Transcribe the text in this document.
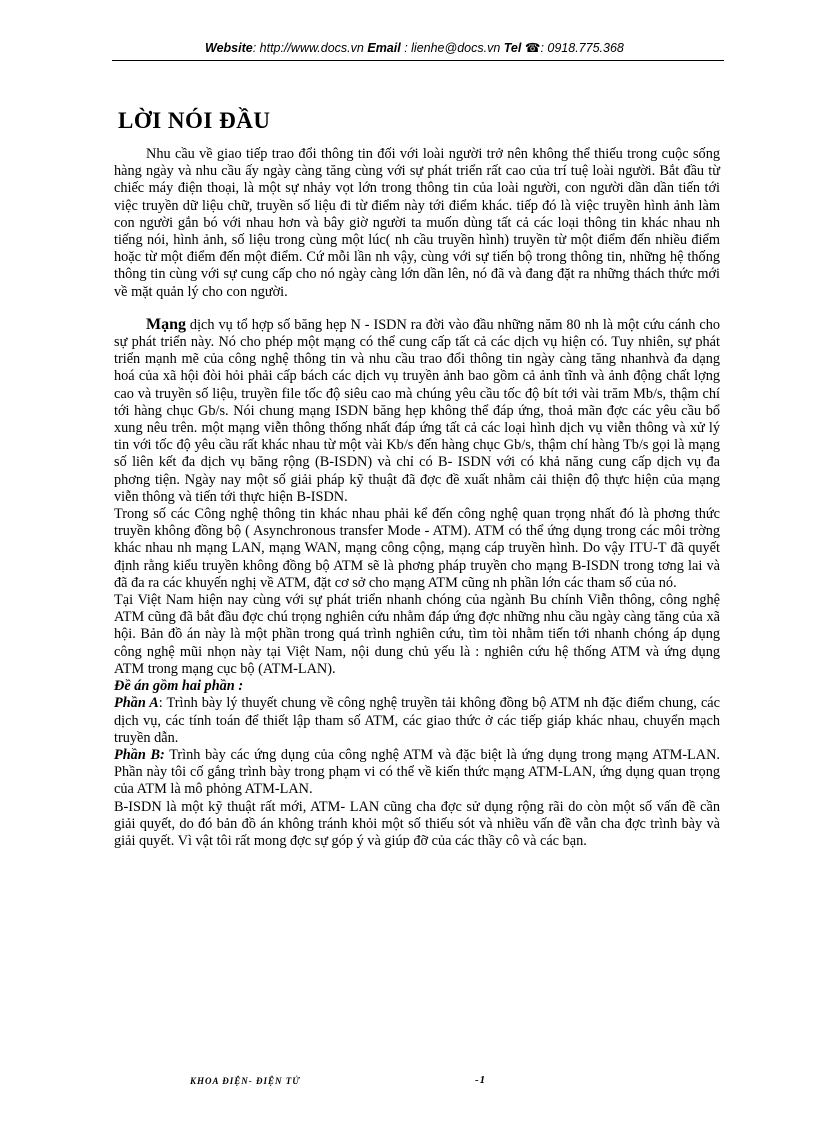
Website: http://www.docs.vn Email : lienhe@docs.vn Tel ☎: 0918.775.368
LỜI NÓI ĐẦU

Nhu cầu về giao tiếp trao đổi thông tin đối với loài người trở nên không thể thiếu trong cuộc sống hàng ngày và nhu cầu ấy ngày càng tăng cùng với sự phát triển rất cao của trí tuệ loài người. Bắt đầu từ chiếc máy điện thoại, là một sự nhảy vọt lớn trong thông tin của loài người, con người dần dần tiến tới việc truyền dữ liệu chữ, truyền số liệu đi từ điểm này tới điểm khác. tiếp đó là việc truyền hình ảnh làm con người gắn bó với nhau hơn và bây giờ người ta muốn dùng tất cả các loại thông tin khác nhau nh tiếng nói, hình ảnh, số liệu trong cùng một lúc( nh cầu truyền hình) truyền từ một điểm đến nhiều điểm hoặc từ một điểm đến một điểm. Cứ mỗi lần nh vậy, cùng với sự tiến bộ trong thông tin, những hệ thống thông tin cùng với sự cung cấp cho nó ngày càng lớn dần lên, nó đã và đang đặt ra những thách thức mới về mặt quản lý cho con người.

Mạng dịch vụ tổ hợp số băng hẹp N - ISDN ra đời vào đầu những năm 80 nh là một cứu cánh cho sự phát triển này. Nó cho phép một mạng có thể cung cấp tất cả các dịch vụ hiện có. Tuy nhiên, sự phát triển mạnh mẽ của công nghệ thông tin và nhu cầu trao đổi thông tin ngày càng tăng nhanhvà đa dạng hoá của xã hội đòi hỏi phải cấp bách các dịch vụ truyền ảnh bao gồm cả ảnh tĩnh và ảnh động chất lợng cao và truyền số liệu, truyền file tốc độ siêu cao mà chúng yêu cầu tốc độ bít tới vài trăm Mb/s, thậm chí tới hàng chục Gb/s. Nói chung mạng ISDN băng hẹp không thể đáp ứng, thoả mãn đợc các yêu cầu bổ xung nêu trên. một mạng viễn thông thống nhất đáp ứng tất cả các loại hình dịch vụ viễn thông và xử lý tin với tốc độ yêu cầu rất khác nhau từ một vài Kb/s đến hàng chục Gb/s, thậm chí hàng Tb/s gọi là mạng số liên kết đa dịch vụ băng rộng (B-ISDN) và chỉ có B- ISDN với có khả năng cung cấp dịch vụ đa phơng tiện. Ngày nay một số giải pháp kỹ thuật đã đợc đề xuất nhằm cải thiện độ thực hiện của mạng viễn thông và tiến tới thực hiện B-ISDN.

Trong số các Công nghệ thông tin khác nhau phải kể đến công nghệ quan trọng nhất đó là phơng thức truyền không đồng bộ ( Asynchronous transfer Mode - ATM). ATM có thể ứng dụng trong các môi trờng khác nhau nh mạng LAN, mạng WAN, mạng công cộng, mạng cáp truyền hình. Do vậy ITU-T đã quyết định rằng kiểu truyền không đồng bộ ATM sẽ là phơng pháp truyền cho mạng B-ISDN trong tơng lai và đã đa ra các khuyến nghị về ATM, đặt cơ sở cho mạng ATM cũng nh phần lớn các tham số của nó.

Tại Việt Nam hiện nay cùng với sự phát triển nhanh chóng của ngành Bu chính Viễn thông, công nghệ ATM cũng đã bắt đầu đợc chú trọng nghiên cứu nhằm đáp ứng đợc những nhu cầu ngày càng tăng của xã hội. Bản đồ án này là một phần trong quá trình nghiên cứu, tìm tòi nhằm tiến tới nhanh chóng áp dụng công nghệ mũi nhọn này tại Việt Nam, nội dung chủ yếu là : nghiên cứu hệ thống ATM và ứng dụng ATM trong mạng cục bộ (ATM-LAN).

Đề án gồm hai phần :

Phần A: Trình bày lý thuyết chung về công nghệ truyền tải không đồng bộ ATM nh đặc điểm chung, các dịch vụ, các tính toán để thiết lập tham số ATM, các giao thức ở các tiếp giáp khác nhau, chuyển mạch truyền dẫn.

Phần B: Trình bày các ứng dụng của công nghệ ATM và đặc biệt là ứng dụng trong mạng ATM-LAN. Phần này tôi cố gắng trình bày trong phạm vi có thể về kiến thức mạng ATM-LAN, ứng dụng quan trọng của ATM là mô phỏng ATM-LAN.

B-ISDN là một kỹ thuật rất mới, ATM- LAN cũng cha đợc sử dụng rộng rãi do còn một số vấn đề cần giải quyết, do đó bản đồ án không tránh khỏi một số thiếu sót và nhiều vấn đề vẫn cha đợc trình bày và giải quyết. Vì vật tôi rất mong đợc sự góp ý và giúp đỡ của các thầy cô và các bạn.

KHOA ĐIỆN- ĐIỆN TỬ	-1
